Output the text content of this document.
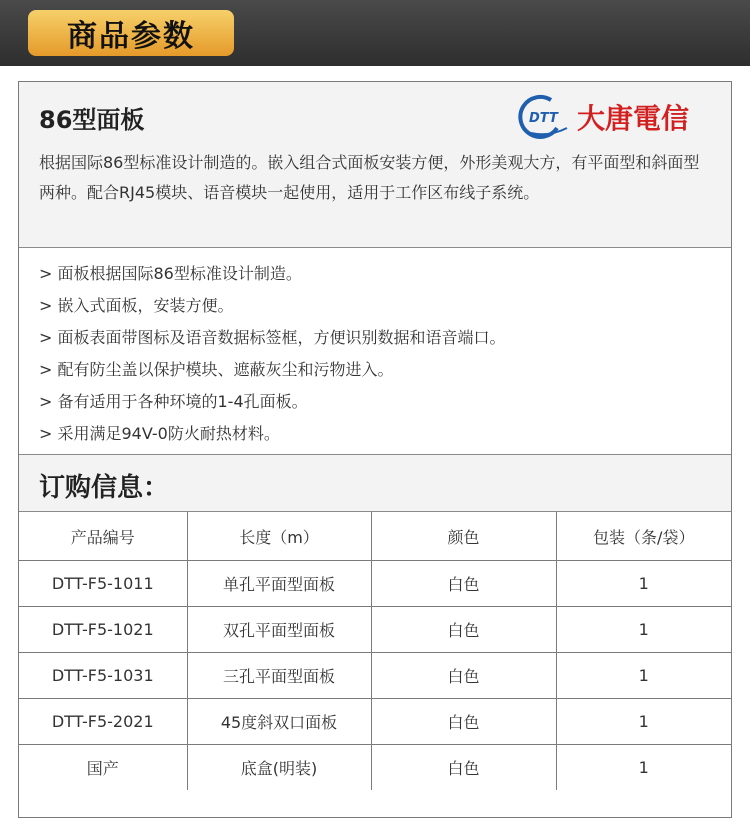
商品参数
86型面板	DTT 大唐電信
根据国际86型标准设计制造的。嵌入组合式面板安装方便，外形美观大方，有平面型和斜面型两种。配合RJ45模块、语音模块一起使用，适用于工作区布线子系统。
> 面板根据国际86型标准设计制造。
> 嵌入式面板，安装方便。
> 面板表面带图标及语音数据标签框，方便识别数据和语音端口。
> 配有防尘盖以保护模块、遮蔽灰尘和污物进入。
> 备有适用于各种环境的1-4孔面板。
> 采用满足94V-0防火耐热材料。
订购信息：
产品编号	长度（m）	颜色	包装（条/袋）
DTT-F5-1011	单孔平面型面板	白色	1
DTT-F5-1021	双孔平面型面板	白色	1
DTT-F5-1031	三孔平面型面板	白色	1
DTT-F5-2021	45度斜双口面板	白色	1
国产	底盒(明装)	白色	1
